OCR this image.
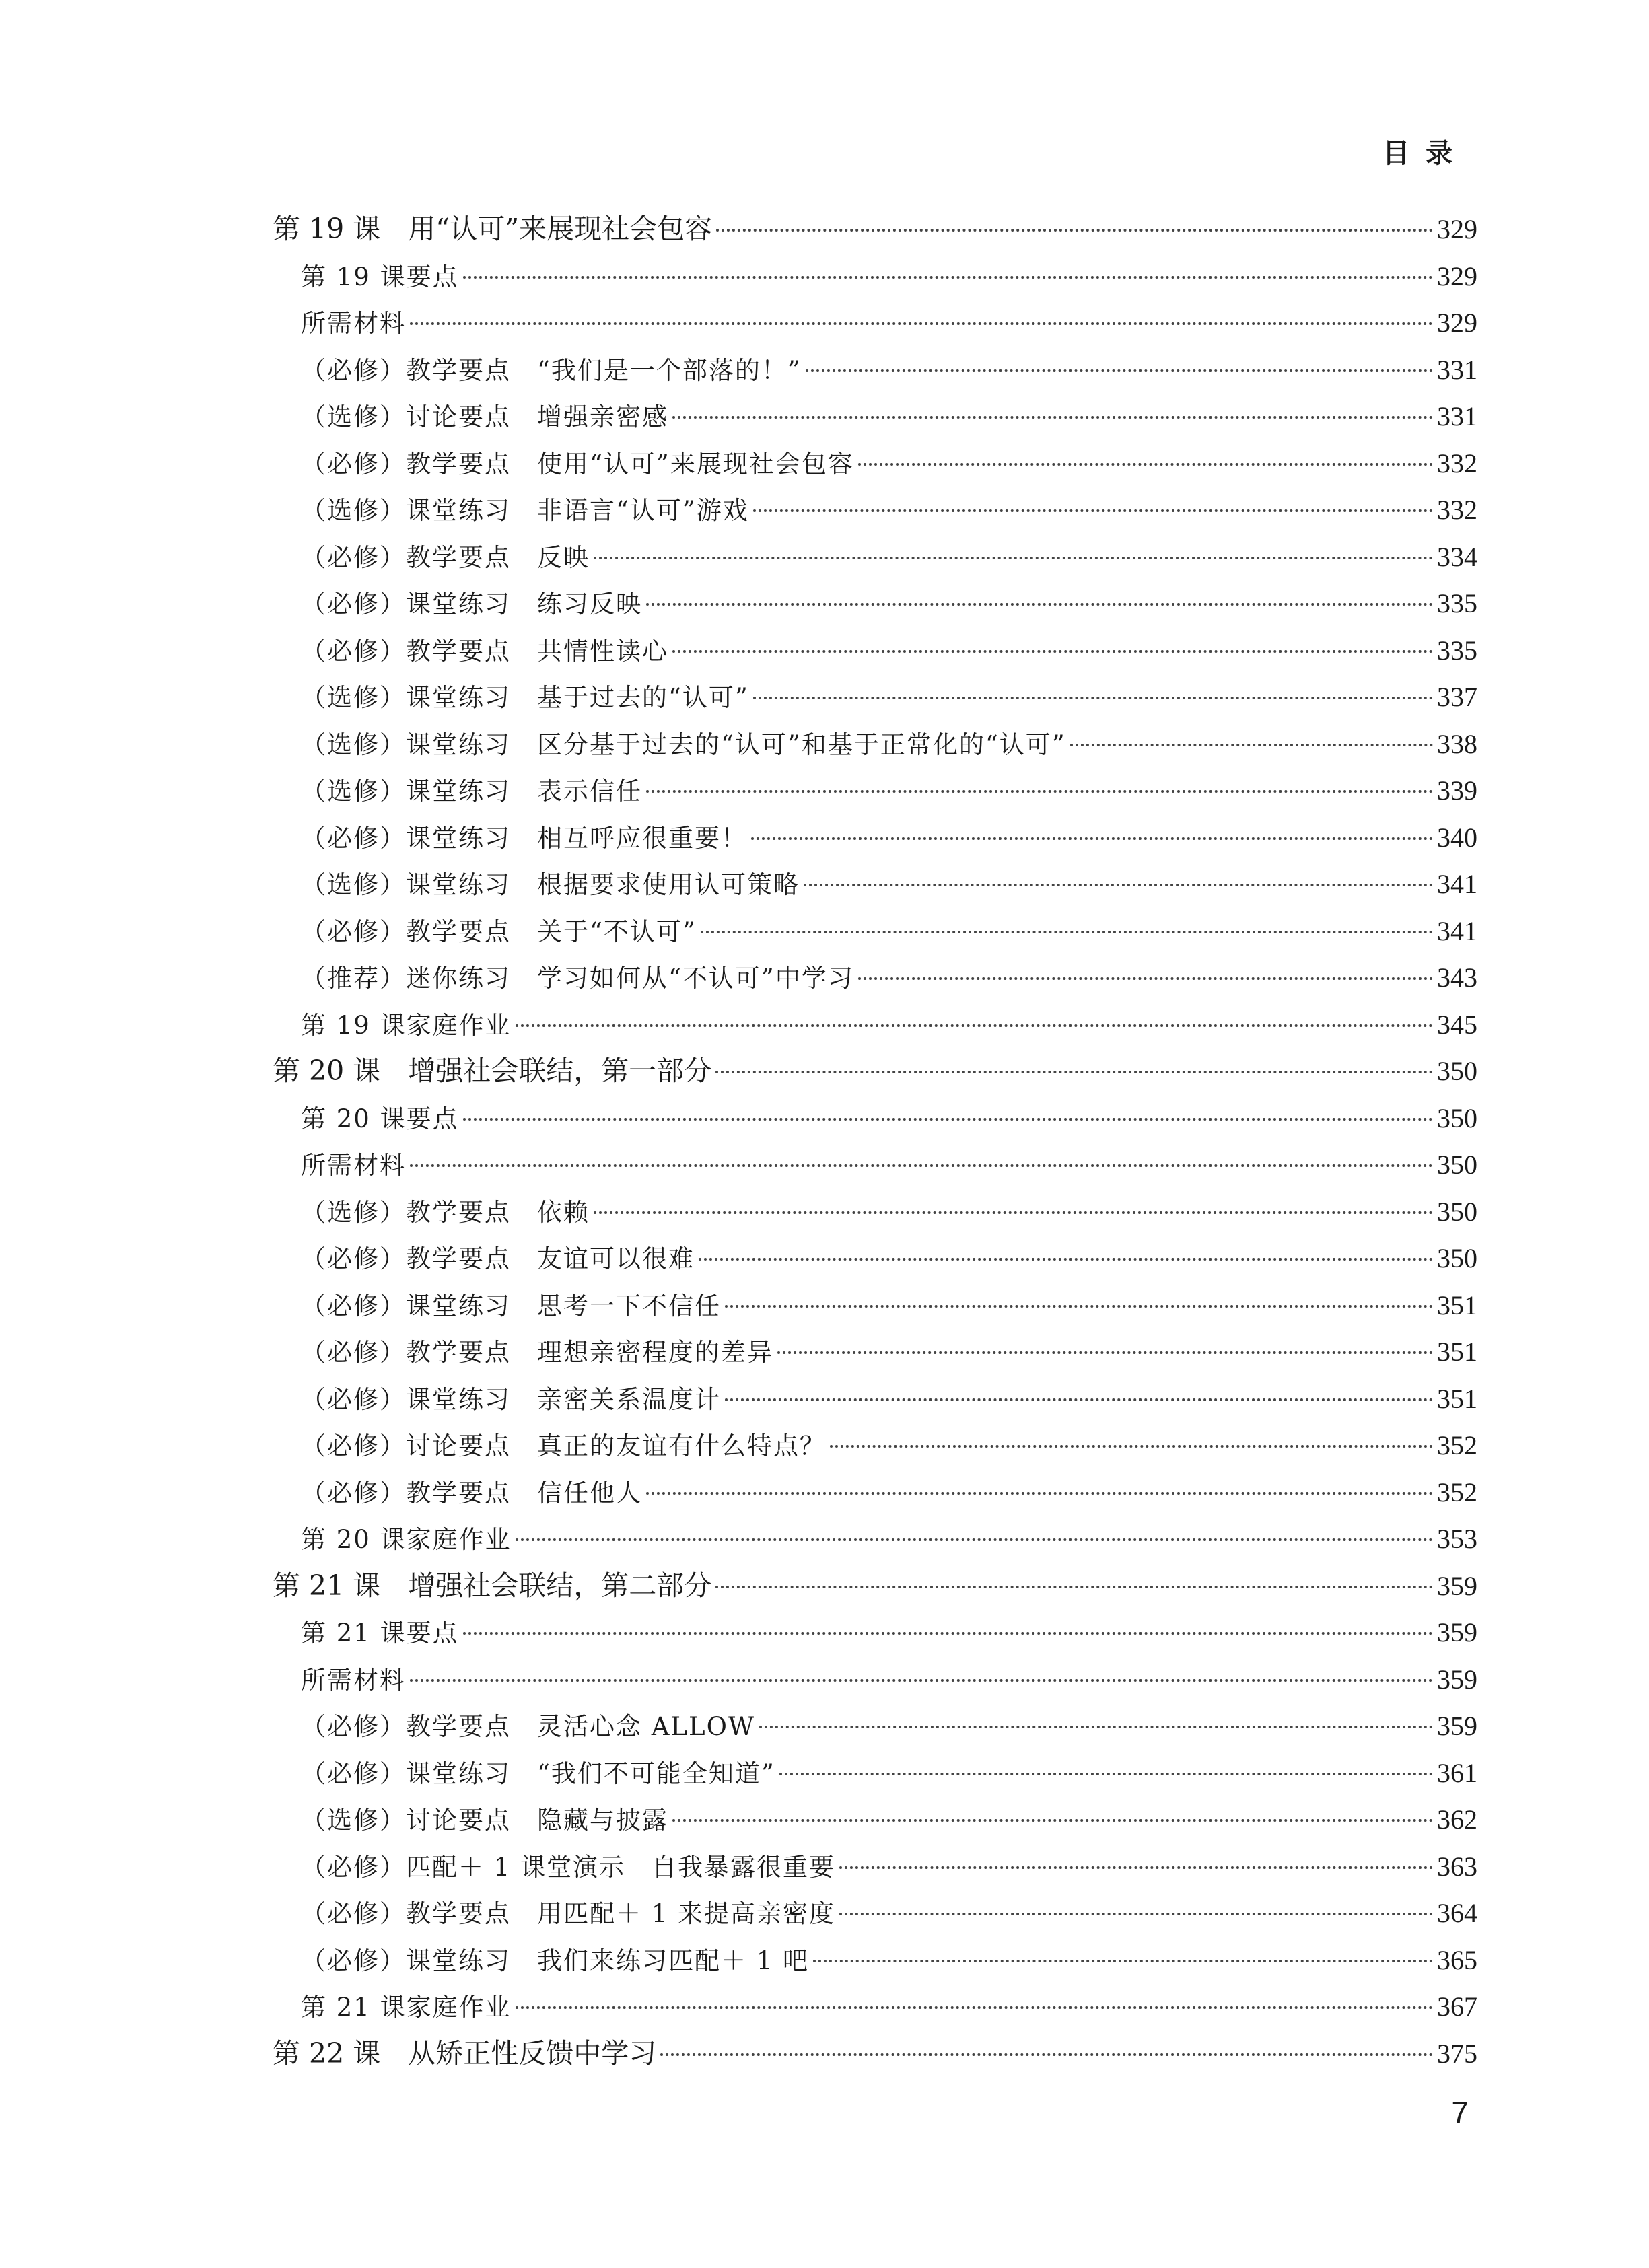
目录
第 19 课　用“认可”来展现社会包容	329
第 19 课要点	329
所需材料	329
（必修）教学要点　“我们是一个部落的！”	331
（选修）讨论要点　增强亲密感	331
（必修）教学要点　使用“认可”来展现社会包容	332
（选修）课堂练习　非语言“认可”游戏	332
（必修）教学要点　反映	334
（必修）课堂练习　练习反映	335
（必修）教学要点　共情性读心	335
（选修）课堂练习　基于过去的“认可”	337
（选修）课堂练习　区分基于过去的“认可”和基于正常化的“认可”	338
（选修）课堂练习　表示信任	339
（必修）课堂练习　相互呼应很重要！	340
（选修）课堂练习　根据要求使用认可策略	341
（必修）教学要点　关于“不认可”	341
（推荐）迷你练习　学习如何从“不认可”中学习	343
第 19 课家庭作业	345
第 20 课　增强社会联结，第一部分	350
第 20 课要点	350
所需材料	350
（选修）教学要点　依赖	350
（必修）教学要点　友谊可以很难	350
（必修）课堂练习　思考一下不信任	351
（必修）教学要点　理想亲密程度的差异	351
（必修）课堂练习　亲密关系温度计	351
（必修）讨论要点　真正的友谊有什么特点？	352
（必修）教学要点　信任他人	352
第 20 课家庭作业	353
第 21 课　增强社会联结，第二部分	359
第 21 课要点	359
所需材料	359
（必修）教学要点　灵活心念 ALLOW	359
（必修）课堂练习　“我们不可能全知道”	361
（选修）讨论要点　隐藏与披露	362
（必修）匹配＋ 1 课堂演示　自我暴露很重要	363
（必修）教学要点　用匹配＋ 1 来提高亲密度	364
（必修）课堂练习　我们来练习匹配＋ 1 吧	365
第 21 课家庭作业	367
第 22 课　从矫正性反馈中学习	375
7
